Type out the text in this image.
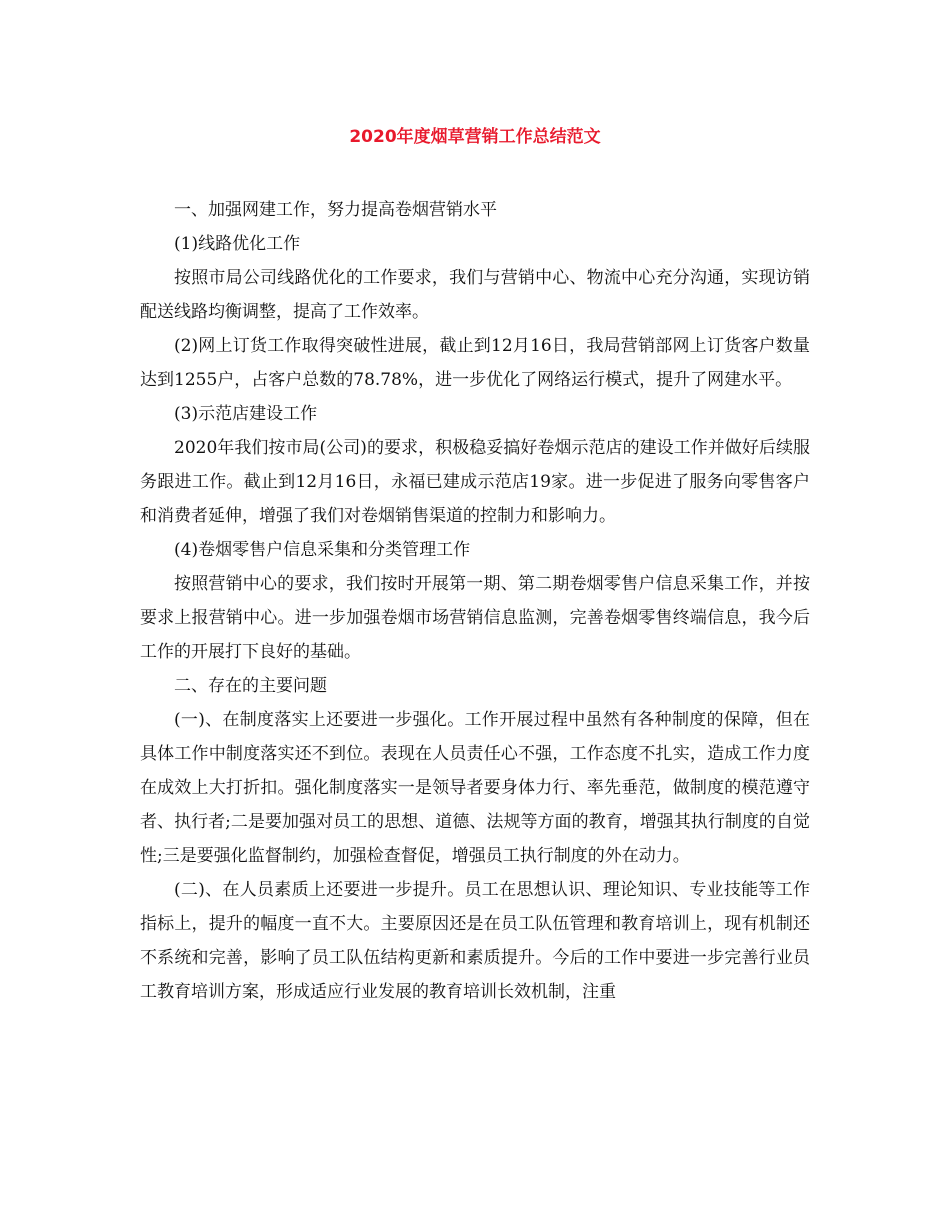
2020年度烟草营销工作总结范文

一、加强网建工作，努力提高卷烟营销水平

(1)线路优化工作

按照市局公司线路优化的工作要求，我们与营销中心、物流中心充分沟通，实现访销配送线路均衡调整，提高了工作效率。

(2)网上订货工作取得突破性进展，截止到12月16日，我局营销部网上订货客户数量达到1255户，占客户总数的78.78%，进一步优化了网络运行模式，提升了网建水平。

(3)示范店建设工作

2020年我们按市局(公司)的要求，积极稳妥搞好卷烟示范店的建设工作并做好后续服务跟进工作。截止到12月16日，永福已建成示范店19家。进一步促进了服务向零售客户和消费者延伸，增强了我们对卷烟销售渠道的控制力和影响力。

(4)卷烟零售户信息采集和分类管理工作

按照营销中心的要求，我们按时开展第一期、第二期卷烟零售户信息采集工作，并按要求上报营销中心。进一步加强卷烟市场营销信息监测，完善卷烟零售终端信息，我今后工作的开展打下良好的基础。

二、存在的主要问题

(一)、在制度落实上还要进一步强化。工作开展过程中虽然有各种制度的保障，但在具体工作中制度落实还不到位。表现在人员责任心不强，工作态度不扎实，造成工作力度在成效上大打折扣。强化制度落实一是领导者要身体力行、率先垂范，做制度的模范遵守者、执行者;二是要加强对员工的思想、道德、法规等方面的教育，增强其执行制度的自觉性;三是要强化监督制约，加强检查督促，增强员工执行制度的外在动力。

(二)、在人员素质上还要进一步提升。员工在思想认识、理论知识、专业技能等工作指标上，提升的幅度一直不大。主要原因还是在员工队伍管理和教育培训上，现有机制还不系统和完善，影响了员工队伍结构更新和素质提升。今后的工作中要进一步完善行业员工教育培训方案，形成适应行业发展的教育培训长效机制，注重
